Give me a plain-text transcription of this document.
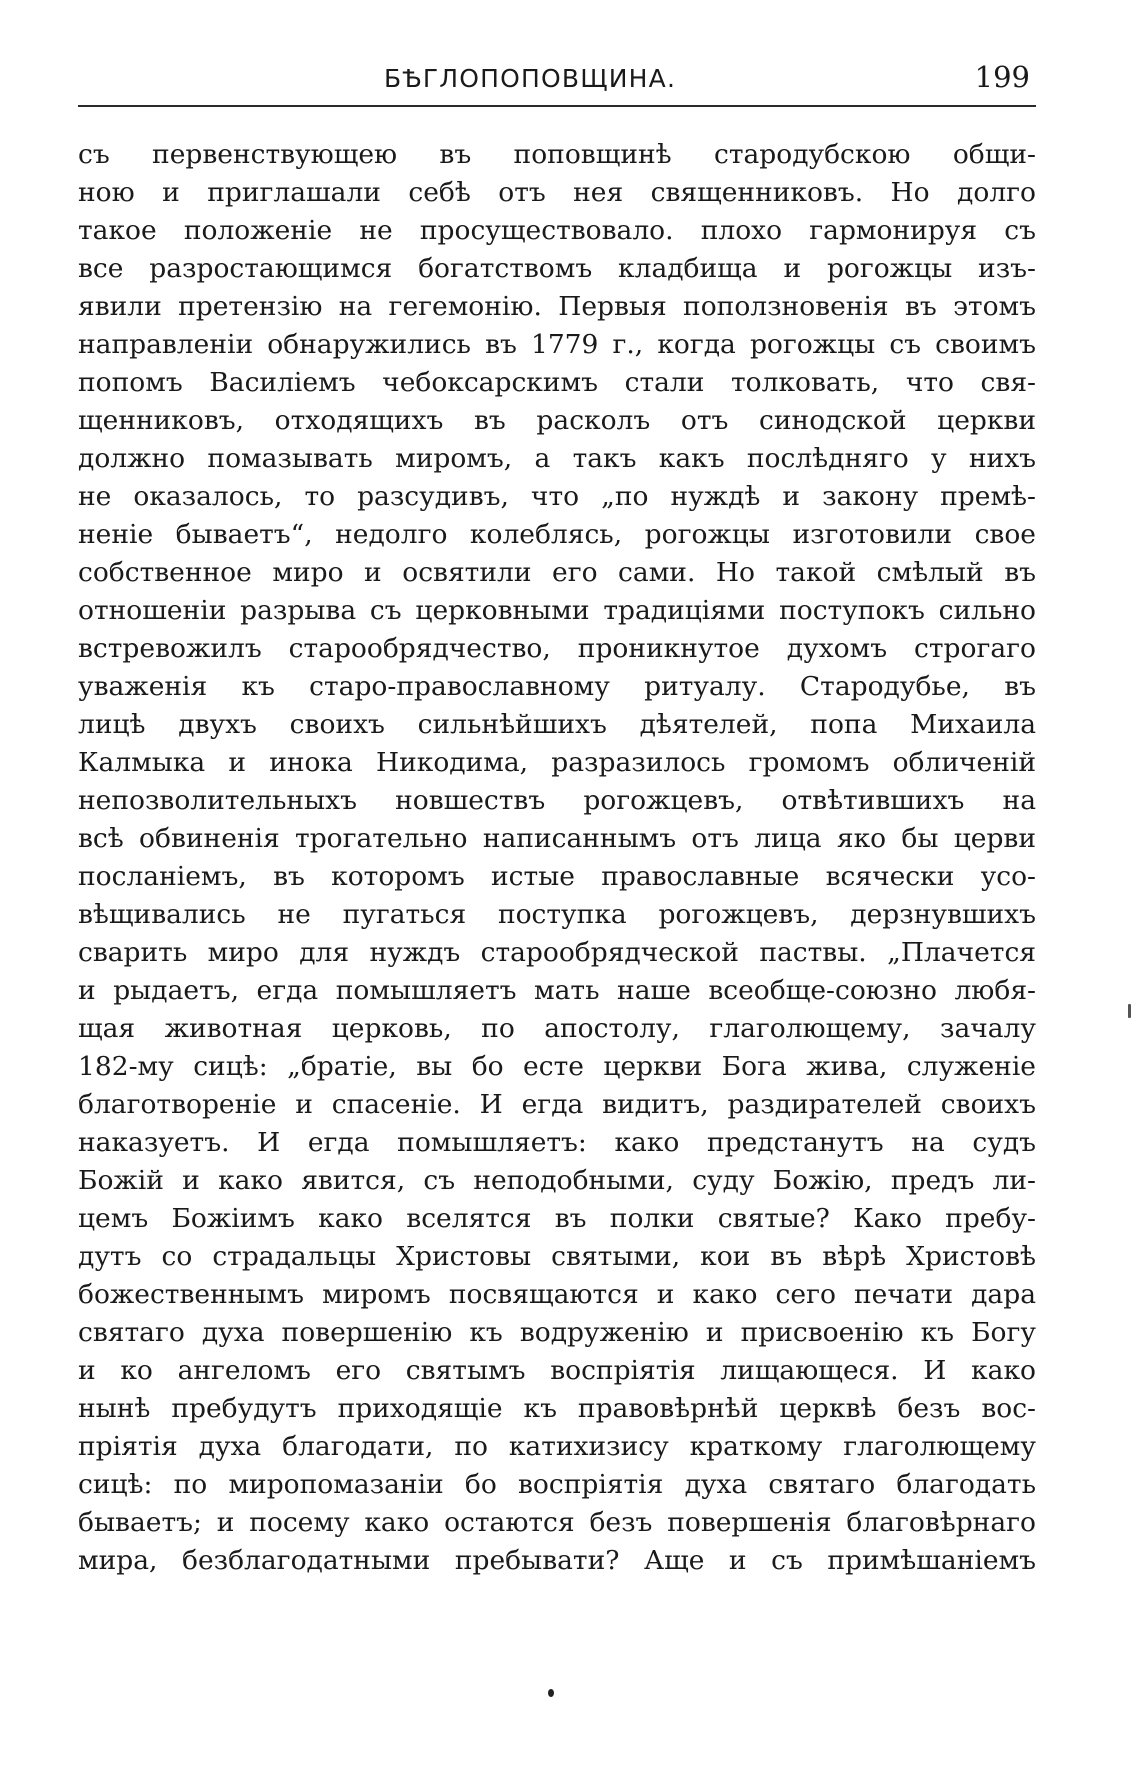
БѢГЛОПОПОВЩИНА.	199
съ первенствующею въ поповщинѣ стародубскою общи-
ною и приглашали себѣ отъ нея священниковъ. Но долго
такое положеніе не просуществовало. плохо гармонируя съ
все разростающимся богатствомъ кладбища и рогожцы изъ-
явили претензію на гегемонію. Первыя поползновенія въ этомъ
направленіи обнаружились въ 1779 г., когда рогожцы съ своимъ
попомъ Василіемъ чебоксарскимъ стали толковать, что свя-
щенниковъ, отходящихъ въ расколъ отъ синодской церкви
должно помазывать миромъ, а такъ какъ послѣдняго у нихъ
не оказалось, то разсудивъ, что „по нуждѣ и закону премѣ-
неніе бываетъ“, недолго колеблясь, рогожцы изготовили свое
собственное миро и освятили его сами. Но такой смѣлый въ
отношеніи разрыва съ церковными традиціями поступокъ сильно
встревожилъ старообрядчество, проникнутое духомъ строгаго
уваженія къ старо-православному ритуалу. Стародубье, въ
лицѣ двухъ своихъ сильнѣйшихъ дѣятелей, попа Михаила
Калмыка и инока Никодима, разразилось громомъ обличеній
непозволительныхъ новшествъ рогожцевъ, отвѣтившихъ на
всѣ обвиненія трогательно написаннымъ отъ лица яко бы церви
посланіемъ, въ которомъ истые православные всячески усо-
вѣщивались не пугаться поступка рогожцевъ, дерзнувшихъ
сварить миро для нуждъ старообрядческой паствы. „Плачется
и рыдаетъ, егда помышляетъ мать наше всеобще-союзно любя-
щая животная церковь, по апостолу, глаголющему, зачалу
182-му сицѣ: „братіе, вы бо есте церкви Бога жива, служеніе
благотвореніе и спасеніе. И егда видитъ, раздирателей своихъ
наказуетъ. И егда помышляетъ: како предстанутъ на судъ
Божій и како явится, съ неподобными, суду Божію, предъ ли-
цемъ Божіимъ како вселятся въ полки святые? Како пребу-
дутъ со страдальцы Христовы святыми, кои въ вѣрѣ Христовѣ
божественнымъ миромъ посвящаются и како сего печати дара
святаго духа повершенію къ водруженію и присвоенію къ Богу
и ко ангеломъ его святымъ воспріятія лищающеся. И како
нынѣ пребудутъ приходящіе къ правовѣрнѣй церквѣ безъ вос-
пріятія духа благодати, по катихизису краткому глаголющему
сицѣ: по миропомазаніи бо воспріятія духа святаго благодать
бываетъ; и посему како остаются безъ повершенія благовѣрнаго
мира, безблагодатными пребывати? Аще и съ примѣшаніемъ
